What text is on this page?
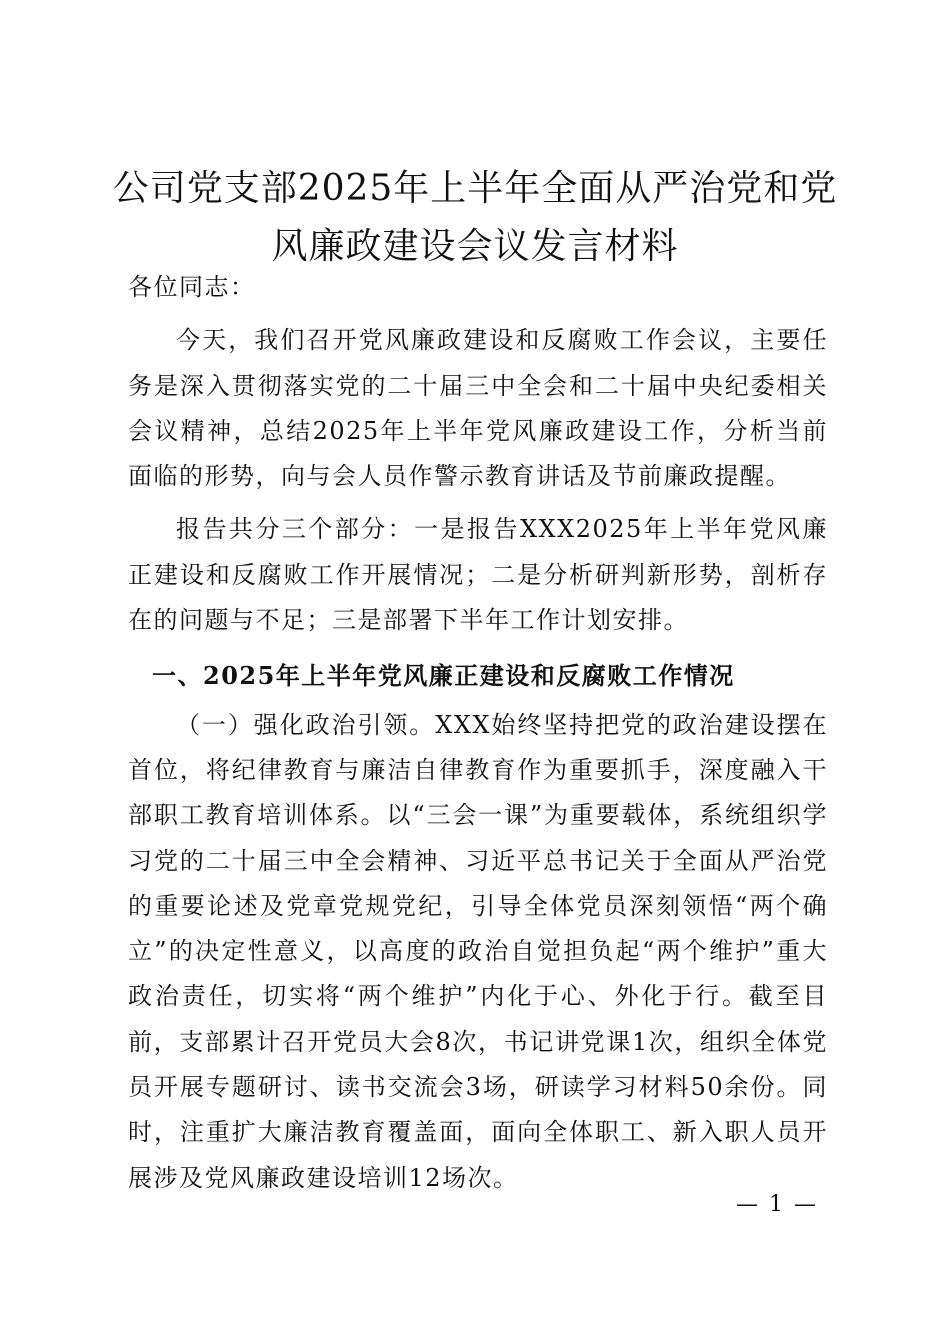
公司党支部2025年上半年全面从严治党和党
风廉政建设会议发言材料

各位同志：

今天，我们召开党风廉政建设和反腐败工作会议，主要任务是深入贯彻落实党的二十届三中全会和二十届中央纪委相关会议精神，总结2025年上半年党风廉政建设工作，分析当前面临的形势，向与会人员作警示教育讲话及节前廉政提醒。

报告共分三个部分：一是报告XXX2025年上半年党风廉正建设和反腐败工作开展情况；二是分析研判新形势，剖析存在的问题与不足；三是部署下半年工作计划安排。

一、2025年上半年党风廉正建设和反腐败工作情况

（一）强化政治引领。XXX始终坚持把党的政治建设摆在首位，将纪律教育与廉洁自律教育作为重要抓手，深度融入干部职工教育培训体系。以“三会一课”为重要载体，系统组织学习党的二十届三中全会精神、习近平总书记关于全面从严治党的重要论述及党章党规党纪，引导全体党员深刻领悟“两个确立”的决定性意义，以高度的政治自觉担负起“两个维护”重大政治责任，切实将“两个维护”内化于心、外化于行。截至目前，支部累计召开党员大会8次，书记讲党课1次，组织全体党员开展专题研讨、读书交流会3场，研读学习材料50余份。同时，注重扩大廉洁教育覆盖面，面向全体职工、新入职人员开展涉及党风廉政建设培训12场次。

— 1 —
